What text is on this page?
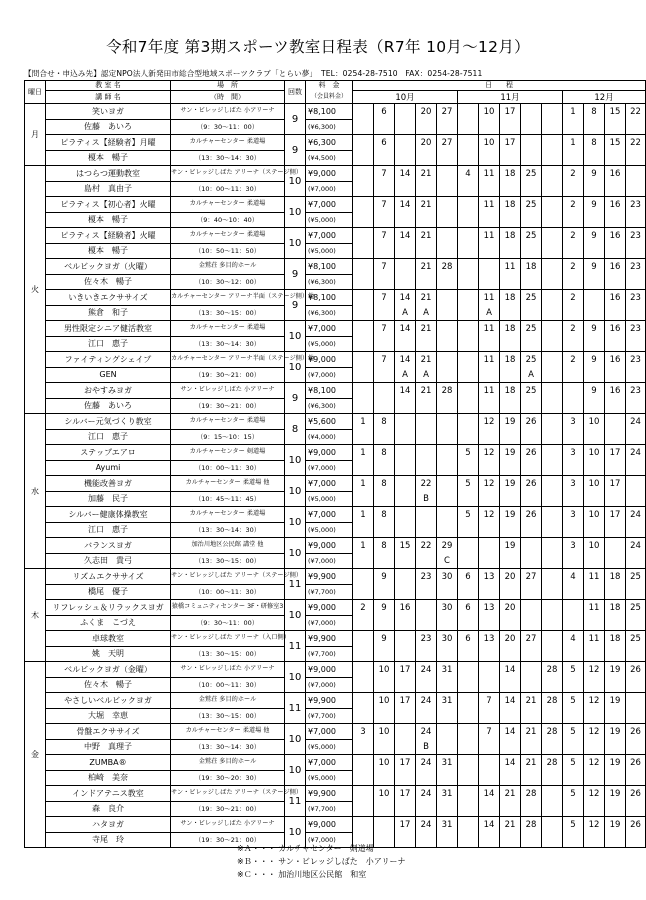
令和7年度 第3期スポーツ教室日程表（R7年 10月～12月）
【問合せ・申込み先】認定NPO法人新発田市総合型地域スポーツクラブ「とらい夢」　TEL：0254-28-7510　FAX：0254-28-7511
曜日	教 室 名	場　所	回数	料　金	日　　程													
	講 師 名	（時　間）		（会員料金）	10月					11月					12月			
月	笑いヨガ	サン・ビレッジしばた 小アリーナ	9	¥8,100		6		20	27		10	17			1	8	15	22
	佐藤　あいろ	（9：30～11：00）		(¥6,300)														
	ピラティス【経験者】月曜	カルチャーセンター 柔道場	9	¥6,300		6		20	27		10	17			1	8	15	22
	榎本　暢子	（13：30～14：30）		(¥4,500)														
火	はつらつ運動教室	サン・ビレッジしばた アリーナ（ステージ側）	10	¥9,000		7	14	21		4	11	18	25		2	9	16	
	島村　真由子	（10：00～11：30）		(¥7,000)														
	ピラティス【初心者】火曜	カルチャーセンター 柔道場	10	¥7,000		7	14	21			11	18	25		2	9	16	23
	榎本　暢子	（9：40～10：40）		(¥5,000)														
	ピラティス【経験者】火曜	カルチャーセンター 柔道場	10	¥7,000		7	14	21			11	18	25		2	9	16	23
	榎本　暢子	（10：50～11：50）		(¥5,000)														
	ベルビックヨガ（火曜）	金鷲荘 多目的ホール	9	¥8,100		7		21	28			11	18		2	9	16	23
	佐々木　暢子	（10：30～12：00）		(¥6,300)														
	いきいきエクササイズ	カルチャーセンター アリーナ半面（ステージ側）他	9	¥8,100		7	14	21			11	18	25		2		16	23
	熊倉　和子	（13：30～15：00）		(¥6,300)			A	A			A							
	男性限定シニア健活教室	カルチャーセンター 柔道場	10	¥7,000		7	14	21			11	18	25		2	9	16	23
	江口　惠子	（13：30～14：30）		(¥5,000)														
	ファイティングシェイプ	カルチャーセンター アリーナ半面（ステージ側）他	10	¥9,000		7	14	21			11	18	25		2	9	16	23
	GEN	（19：30～21：00）		(¥7,000)			A	A					A					
	おやすみヨガ	サン・ビレッジしばた 小アリーナ	9	¥8,100			14	21	28		11	18	25			9	16	23
	佐藤　あいろ	（19：30～21：00）		(¥6,300)														
水	シルバー元気づくり教室	カルチャーセンター 柔道場	8	¥5,600	1	8					12	19	26		3	10		24
	江口　惠子	（9：15～10：15）		(¥4,000)														
	ステップエアロ	カルチャーセンター 剣道場	10	¥9,000	1	8				5	12	19	26		3	10	17	24
	Ayumi	（10：00～11：30）		(¥7,000)														
	機能改善ヨガ	カルチャーセンター 柔道場 他	10	¥7,000	1	8		22		5	12	19	26		3	10	17	
	加藤　民子	（10：45～11：45）		(¥5,000)				B										
	シルバー健康体操教室	カルチャーセンター 柔道場	10	¥7,000	1	8				5	12	19	26		3	10	17	24
	江口　惠子	（13：30～14：30）		(¥5,000)														
	バランスヨガ	加治川地区公民館 講堂 他	10	¥9,000	1	8	15	22	29			19			3	10		24
	久志田　貴弓	（13：30～15：00）		(¥7,000)					C									
木	リズムエクササイズ	サン・ビレッジしばた アリーナ（ステージ側）	11	¥9,900		9		23	30	6	13	20	27		4	11	18	25
	橋尾　優子	（10：00～11：30）		(¥7,700)														
	リフレッシュ＆リラックスヨガ	猿橋コミュニティセンター 3F・研修室3	10	¥9,000	2	9	16		30	6	13	20				11	18	25
	ふくま　こづえ	（9：30～11：00）		(¥7,000)														
	卓球教室	サン・ビレッジしばた アリーナ（入口側）	11	¥9,900		9		23	30	6	13	20	27		4	11	18	25
	姚　天明	（13：30～15：00）		(¥7,700)														
金	ベルビックヨガ（金曜）	サン・ビレッジしばた 小アリーナ	10	¥9,000		10	17	24	31			14		28	5	12	19	26
	佐々木　暢子	（10：00～11：30）		(¥7,000)														
	やさしいベルビックヨガ	金鷲荘 多目的ホール	11	¥9,900		10	17	24	31		7	14	21	28	5	12	19	
	大堀　幸恵	（13：30～15：00）		(¥7,700)														
	骨盤エクササイズ	カルチャーセンター 柔道場 他	10	¥7,000	3	10		24			7	14	21	28	5	12	19	26
	中野　真理子	（13：30～14：30）		(¥5,000)				B										
	ZUMBA®	金鷲荘 多目的ホール	10	¥7,000		10	17	24	31			14	21	28	5	12	19	26
	柏崎　美奈	（19：30～20：30）		(¥5,000)														
	インドアテニス教室	サン・ビレッジしばた アリーナ（ステージ側）	11	¥9,900		10	17	24	31		14	21	28		5	12	19	26
	森　良介	（19：30～21：00）		(¥7,700)														
	ハタヨガ	サン・ビレッジしばた 小アリーナ	10	¥9,000			17	24	31		14	21	28		5	12	19	26
	寺尾　玲	（19：30～21：00）		(¥7,000)														
※Ａ・・・ カルチャセンター　剣道場
※Ｂ・・・ サン・ビレッジしばた　小アリーナ
※Ｃ・・・ 加治川地区公民館　和室
